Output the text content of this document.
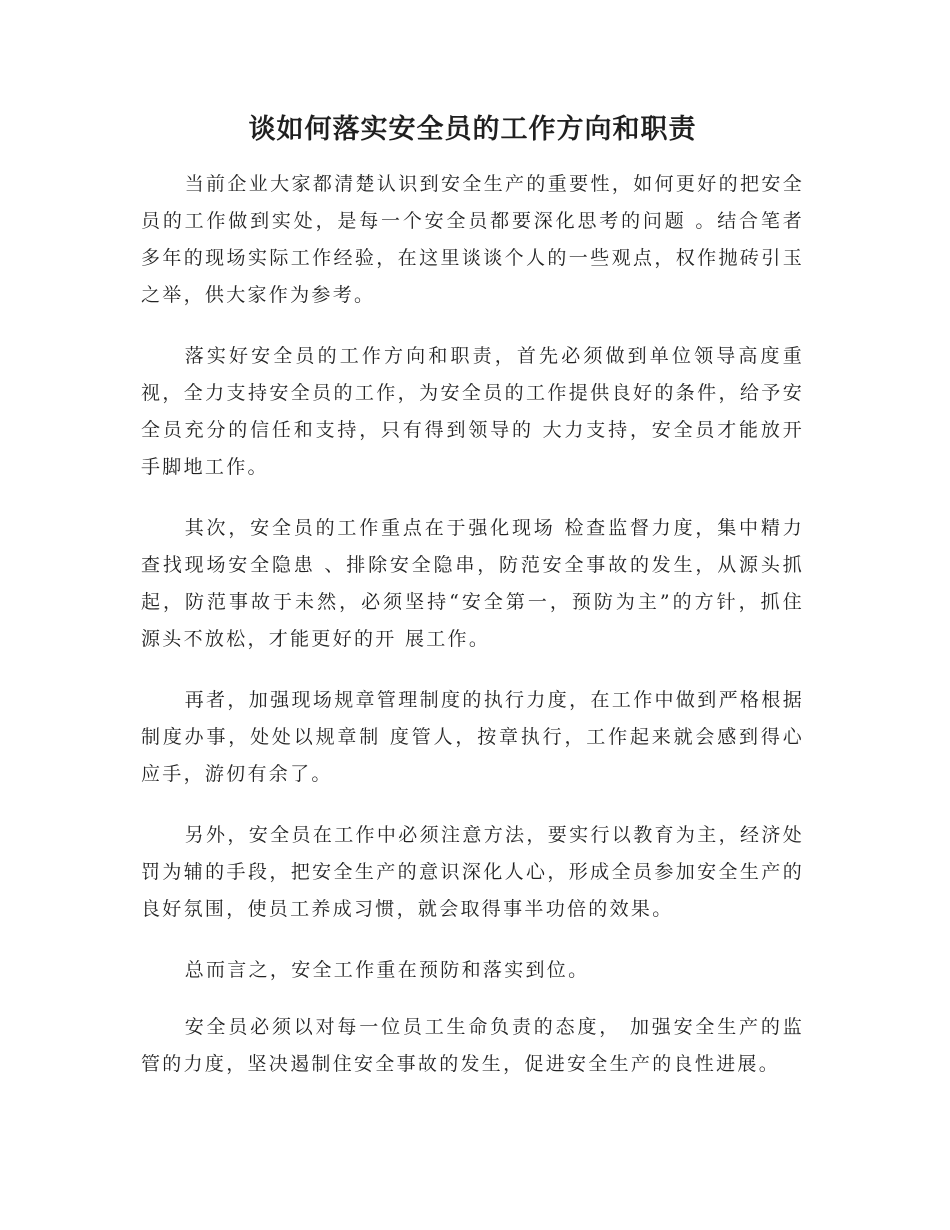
谈如何落实安全员的工作方向和职责

当前企业大家都清楚认识到安全生产的重要性，如何更好的把安全员的工作做到实处，是每一个安全员都要深化思考的问题 。结合笔者多年的现场实际工作经验，在这里谈谈个人的一些观点，权作抛砖引玉之举，供大家作为参考。

落实好安全员的工作方向和职责，首先必须做到单位领导高度重视，全力支持安全员的工作，为安全员的工作提供良好的条件，给予安全员充分的信任和支持，只有得到领导的 大力支持，安全员才能放开手脚地工作。

其次，安全员的工作重点在于强化现场 检查监督力度，集中精力查找现场安全隐患 、排除安全隐串，防范安全事故的发生，从源头抓起，防范事故于未然，必须坚持“安全第一，预防为主”的方针，抓住源头不放松，才能更好的开 展工作。

再者，加强现场规章管理制度的执行力度，在工作中做到严格根据制度办事，处处以规章制 度管人，按章执行，工作起来就会感到得心应手，游仞有余了。

另外，安全员在工作中必须注意方法，要实行以教育为主，经济处罚为辅的手段，把安全生产的意识深化人心，形成全员参加安全生产的良好氛围，使员工养成习惯，就会取得事半功倍的效果。

总而言之，安全工作重在预防和落实到位。

安全员必须以对每一位员工生命负责的态度， 加强安全生产的监管的力度，坚决遏制住安全事故的发生，促进安全生产的良性进展。
